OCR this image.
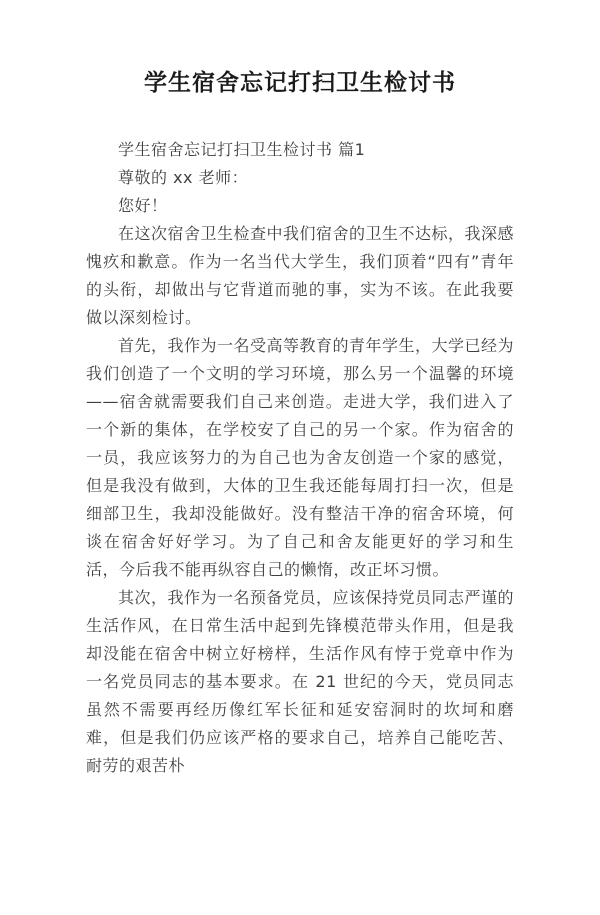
学生宿舍忘记打扫卫生检讨书

学生宿舍忘记打扫卫生检讨书 篇1

尊敬的 xx 老师：

您好！

在这次宿舍卫生检查中我们宿舍的卫生不达标，我深感愧疚和歉意。作为一名当代大学生，我们顶着“四有”青年的头衔，却做出与它背道而驰的事，实为不该。在此我要做以深刻检讨。

首先，我作为一名受高等教育的青年学生，大学已经为我们创造了一个文明的学习环境，那么另一个温馨的环境——宿舍就需要我们自己来创造。走进大学，我们进入了一个新的集体，在学校安了自己的另一个家。作为宿舍的一员，我应该努力的为自己也为舍友创造一个家的感觉，但是我没有做到，大体的卫生我还能每周打扫一次，但是细部卫生，我却没能做好。没有整洁干净的宿舍环境，何谈在宿舍好好学习。为了自己和舍友能更好的学习和生活，今后我不能再纵容自己的懒惰，改正坏习惯。

其次，我作为一名预备党员，应该保持党员同志严谨的生活作风，在日常生活中起到先锋模范带头作用，但是我却没能在宿舍中树立好榜样，生活作风有悖于党章中作为一名党员同志的基本要求。在 21 世纪的今天，党员同志虽然不需要再经历像红军长征和延安窑洞时的坎坷和磨难，但是我们仍应该严格的要求自己，培养自己能吃苦、耐劳的艰苦朴
